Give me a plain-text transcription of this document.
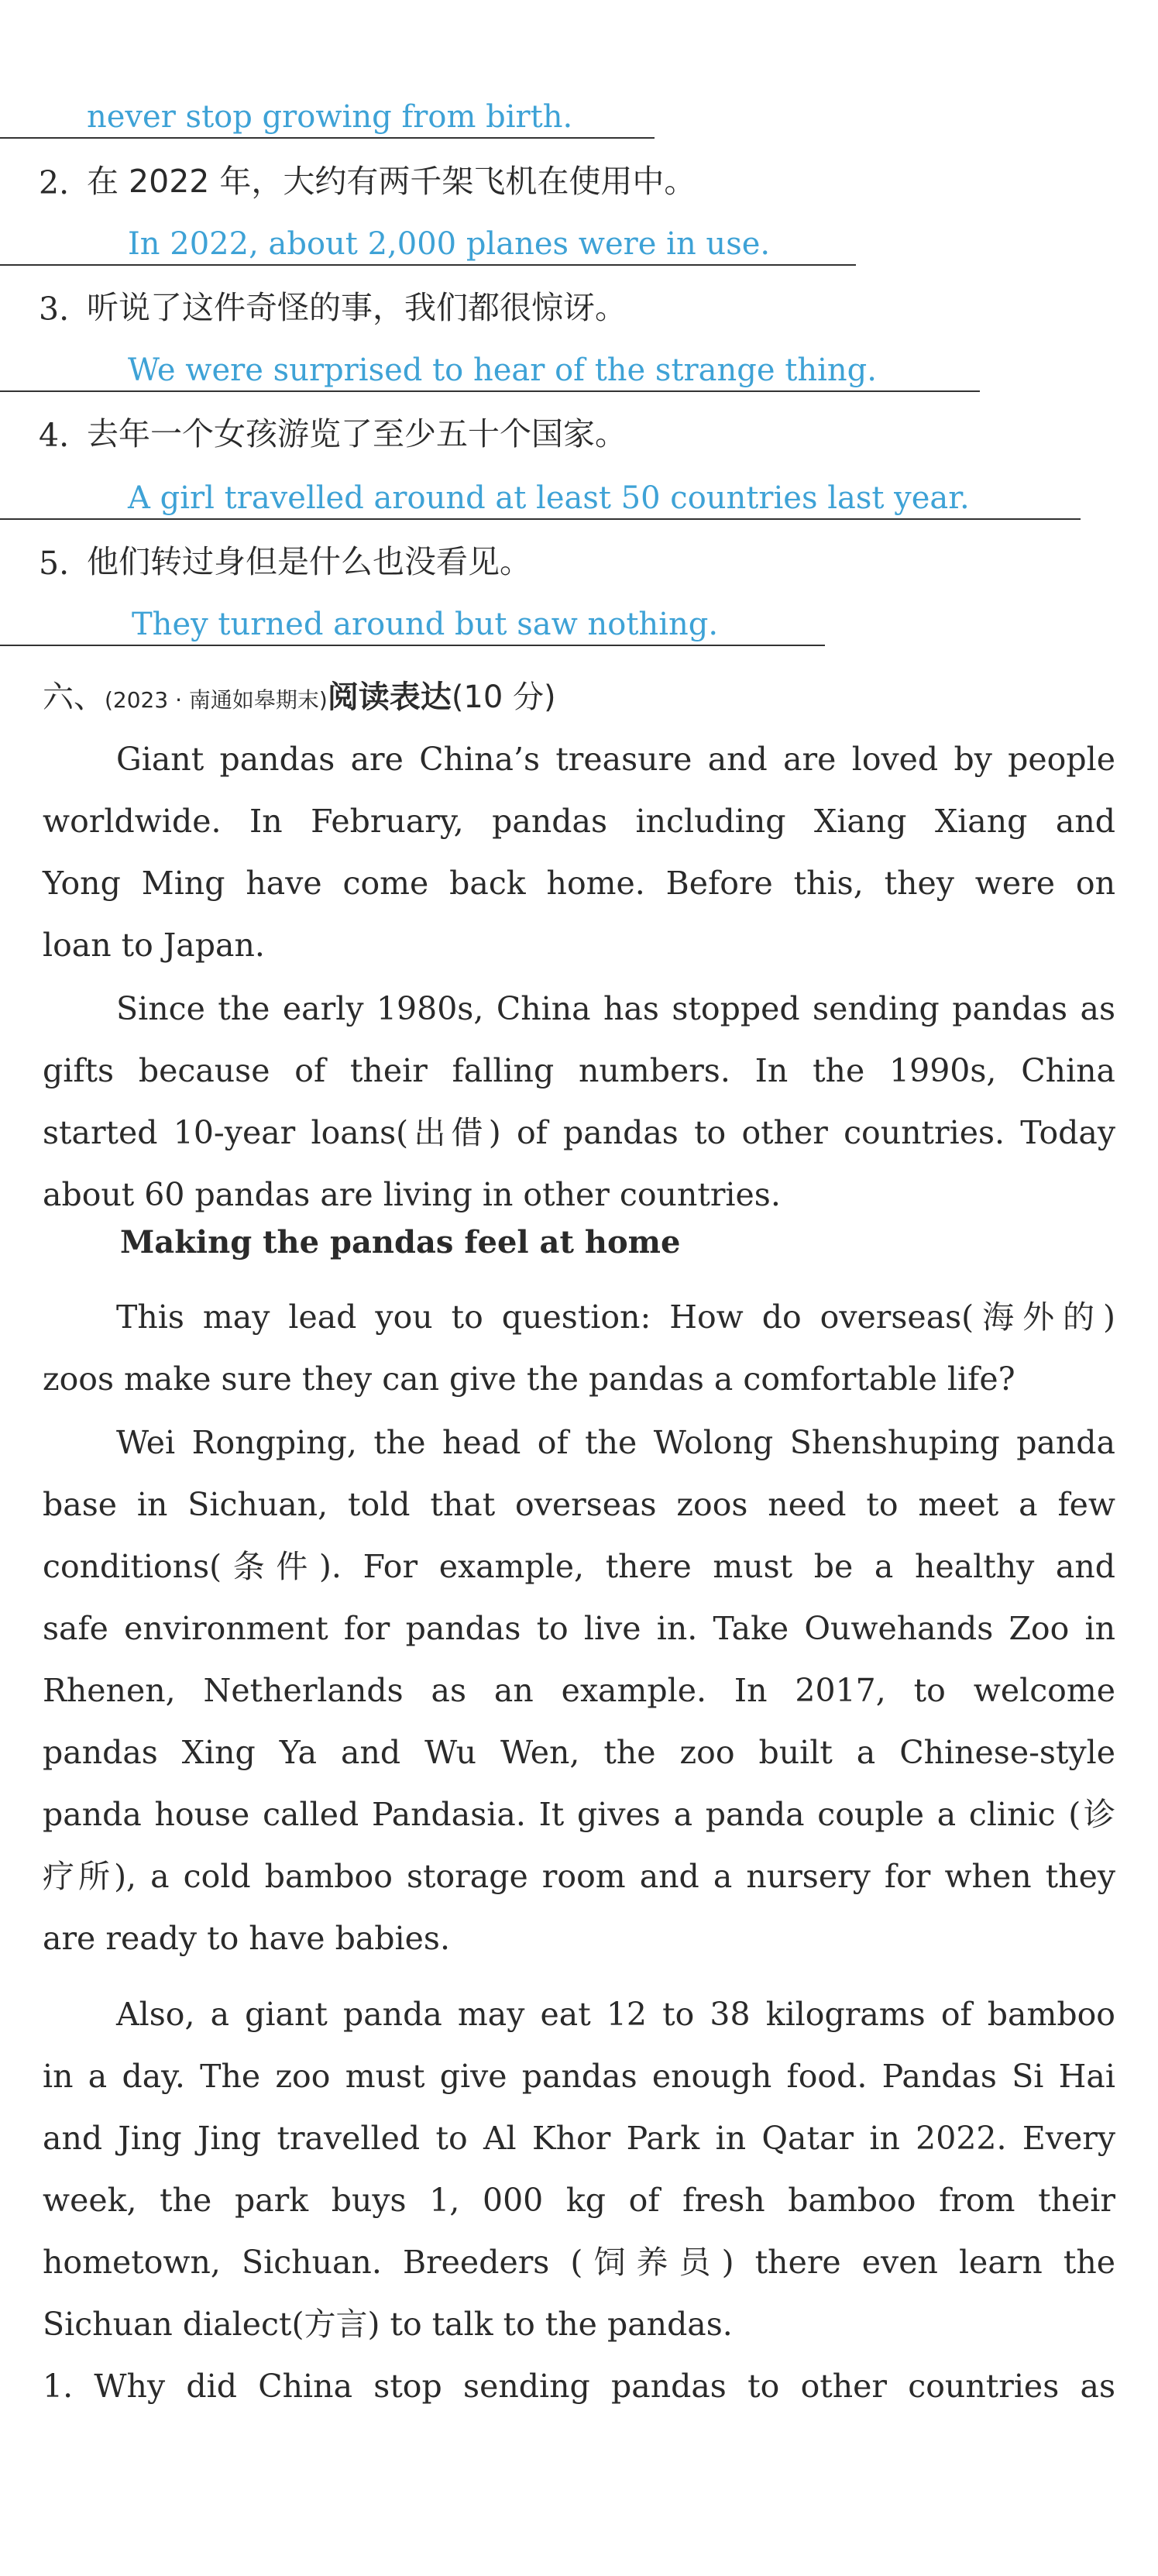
never stop growing from birth.
2. 在 2022 年，大约有两千架飞机在使用中。
In 2022, about 2,000 planes were in use.
3. 听说了这件奇怪的事，我们都很惊讶。
We were surprised to hear of the strange thing.
4. 去年一个女孩游览了至少五十个国家。
A girl travelled around at least 50 countries last year.
5. 他们转过身但是什么也没看见。
They turned around but saw nothing.
六、(2023 · 南通如皋期末)阅读表达(10 分)
Giant pandas are China’s treasure and are loved by people
worldwide. In February, pandas including Xiang Xiang and
Yong Ming have come back home. Before this, they were on
loan to Japan.
Since the early 1980s, China has stopped sending pandas as
gifts because of their falling numbers. In the 1990s, China
started 10-year loans(出借) of pandas to other countries. Today
about 60 pandas are living in other countries.
Making the pandas feel at home
This may lead you to question: How do overseas(海外的)
zoos make sure they can give the pandas a comfortable life?
Wei Rongping, the head of the Wolong Shenshuping panda
base in Sichuan, told that overseas zoos need to meet a few
conditions(条件). For example, there must be a healthy and
safe environment for pandas to live in. Take Ouwehands Zoo in
Rhenen, Netherlands as an example. In 2017, to welcome
pandas Xing Ya and Wu Wen, the zoo built a Chinese-style
panda house called Pandasia. It gives a panda couple a clinic (诊
疗所), a cold bamboo storage room and a nursery for when they
are ready to have babies.
Also, a giant panda may eat 12 to 38 kilograms of bamboo
in a day. The zoo must give pandas enough food. Pandas Si Hai
and Jing Jing travelled to Al Khor Park in Qatar in 2022. Every
week, the park buys 1, 000 kg of fresh bamboo from their
hometown, Sichuan. Breeders (饲养员) there even learn the
Sichuan dialect(方言) to talk to the pandas.
1. Why did China stop sending pandas to other countries as
